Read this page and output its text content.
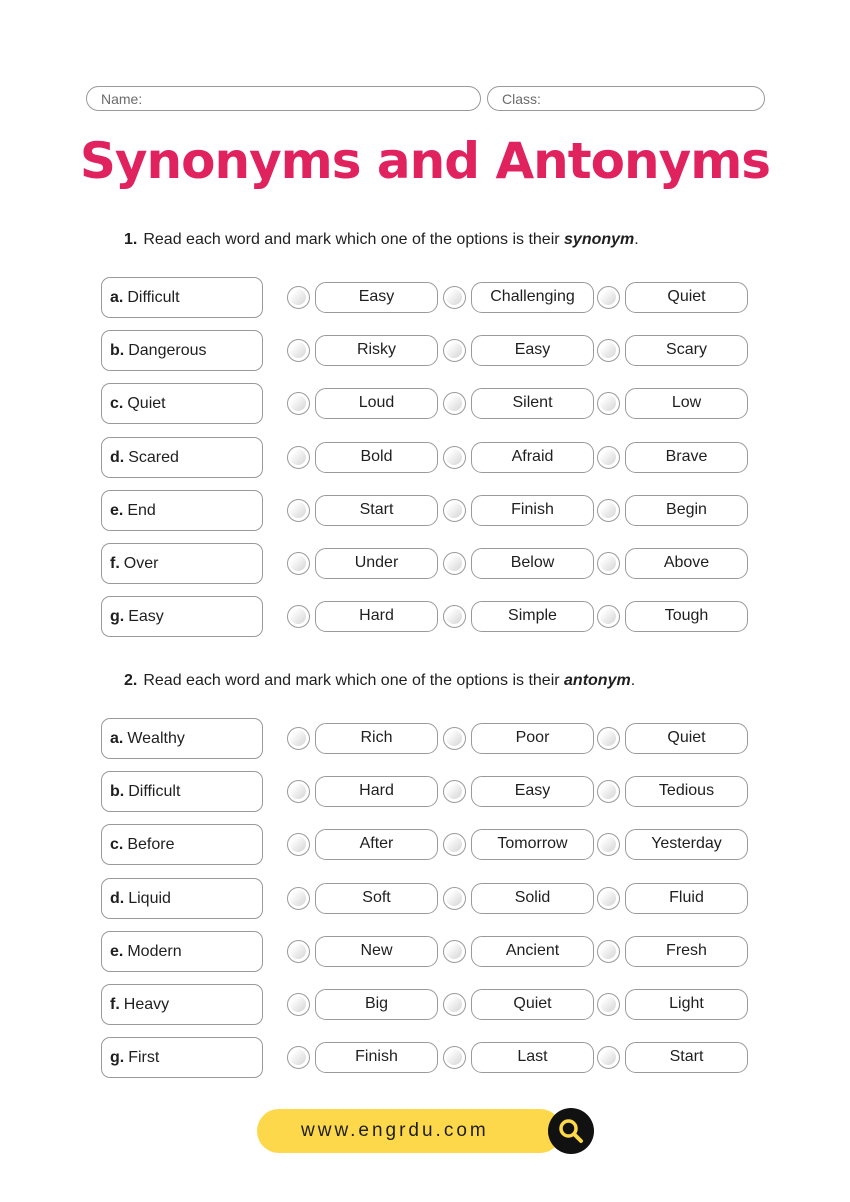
Name:	Class:
Synonyms and Antonyms
1. Read each word and mark which one of the options is their synonym.
a. Difficult	Easy	Challenging	Quiet
b. Dangerous	Risky	Easy	Scary
c. Quiet	Loud	Silent	Low
d. Scared	Bold	Afraid	Brave
e. End	Start	Finish	Begin
f. Over	Under	Below	Above
g. Easy	Hard	Simple	Tough
2. Read each word and mark which one of the options is their antonym.
a. Wealthy	Rich	Poor	Quiet
b. Difficult	Hard	Easy	Tedious
c. Before	After	Tomorrow	Yesterday
d. Liquid	Soft	Solid	Fluid
e. Modern	New	Ancient	Fresh
f. Heavy	Big	Quiet	Light
g. First	Finish	Last	Start
www.engrdu.com
